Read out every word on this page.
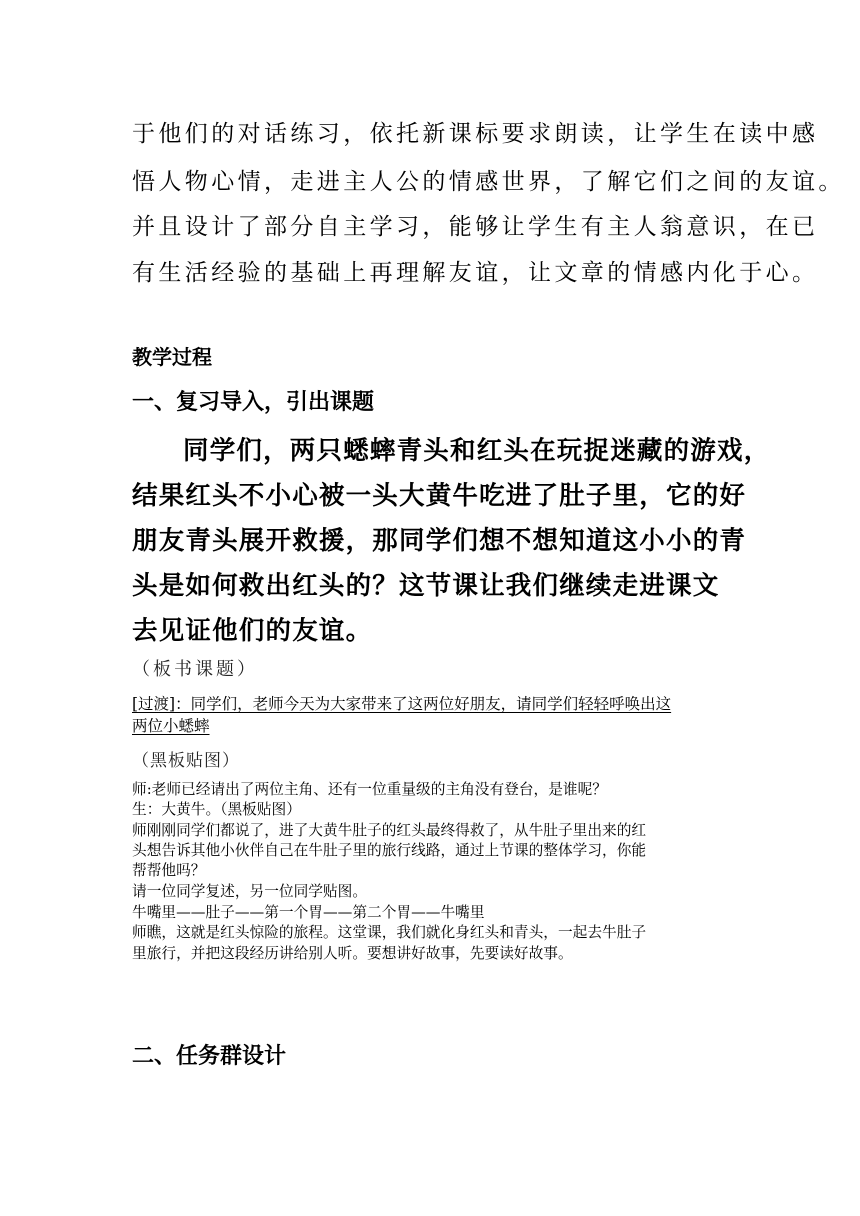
于他们的对话练习，依托新课标要求朗读，让学生在读中感
悟人物心情，走进主人公的情感世界，了解它们之间的友谊。
并且设计了部分自主学习，能够让学生有主人翁意识，在已
有生活经验的基础上再理解友谊，让文章的情感内化于心。
教学过程
一、复习导入，引出课题
同学们，两只蟋蟀青头和红头在玩捉迷藏的游戏，
结果红头不小心被一头大黄牛吃进了肚子里，它的好
朋友青头展开救援，那同学们想不想知道这小小的青
头是如何救出红头的？这节课让我们继续走进课文
去见证他们的友谊。
（板书课题）
[过渡]：同学们，老师今天为大家带来了这两位好朋友，请同学们轻轻呼唤出这
两位小蟋蟀
（黑板贴图）
师:老师已经请出了两位主角、还有一位重量级的主角没有登台，是谁呢？
生：大黄牛。（黑板贴图）
师刚刚同学们都说了，进了大黄牛肚子的红头最终得救了，从牛肚子里出来的红
头想告诉其他小伙伴自己在牛肚子里的旅行线路，通过上节课的整体学习，你能
帮帮他吗？
请一位同学复述，另一位同学贴图。
牛嘴里——肚子——第一个胃——第二个胃——牛嘴里
师瞧，这就是红头惊险的旅程。这堂课，我们就化身红头和青头，一起去牛肚子
里旅行，并把这段经历讲给别人听。要想讲好故事，先要读好故事。
二、任务群设计
